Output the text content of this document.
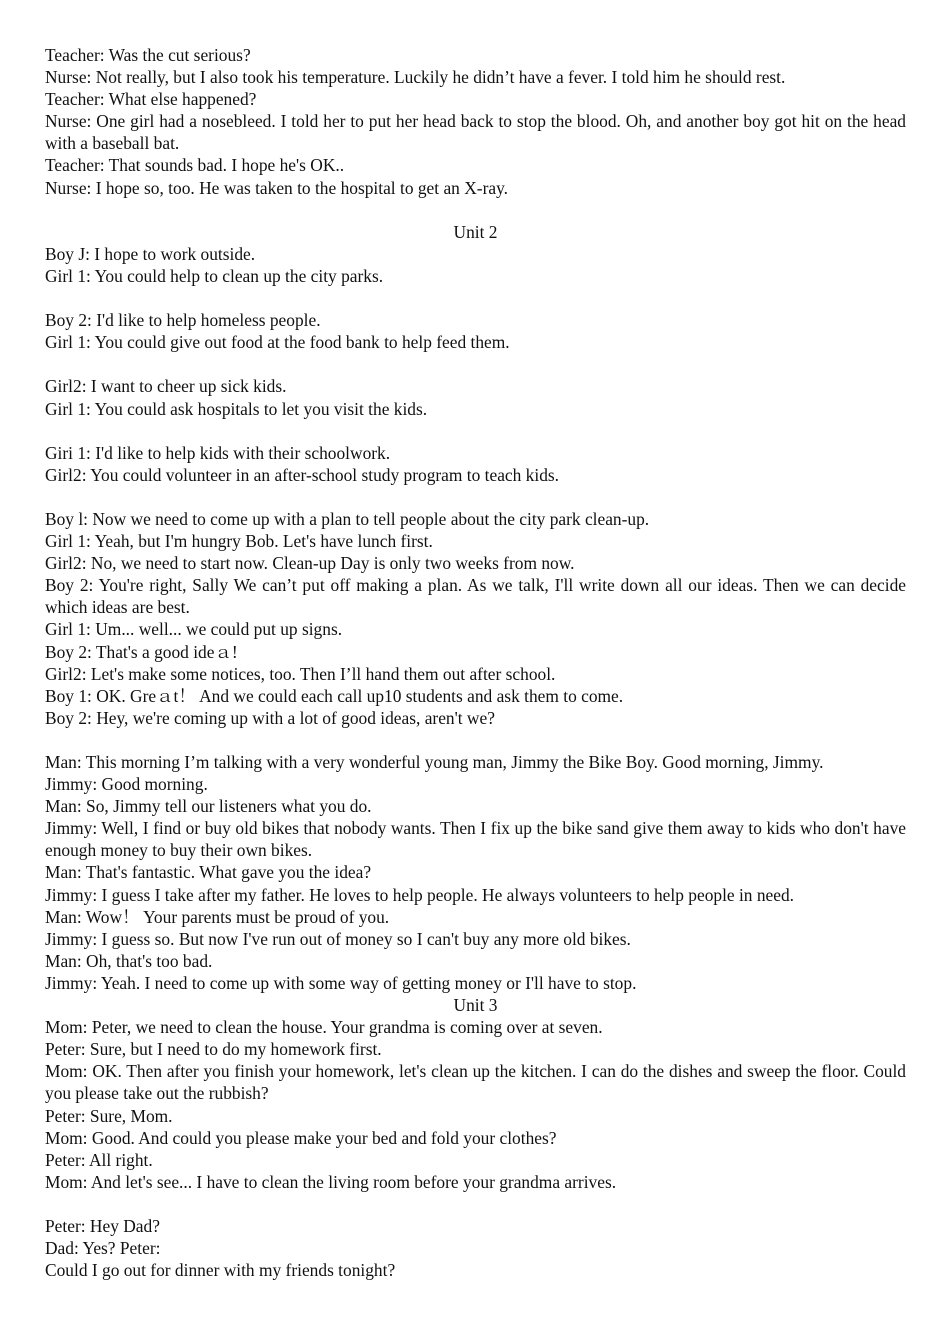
Teacher: Was the cut serious?
Nurse: Not really, but I also took his temperature. Luckily he didn’t have a fever. I told him he should rest.
Teacher: What else happened?
Nurse: One girl had a nosebleed. I told her to put her head back to stop the blood. Oh, and another boy got hit on the head with a baseball bat.
Teacher: That sounds bad. I hope he's OK..
Nurse: I hope so, too. He was taken to the hospital to get an X-ray.
Unit 2
Boy J: I hope to work outside.
Girl 1: You could help to clean up the city parks.
Boy 2: I'd like to help homeless people.
Girl 1: You could give out food at the food bank to help feed them.
Girl2: I want to cheer up sick kids.
Girl 1: You could ask hospitals to let you visit the kids.
Giri 1: I'd like to help kids with their schoolwork.
Girl2: You could volunteer in an after-school study program to teach kids.
Boy l: Now we need to come up with a plan to tell people about the city park clean-up.
Girl 1: Yeah, but I'm hungry Bob. Let's have lunch first.
Girl2: No, we need to start now. Clean-up Day is only two weeks from now.
Boy 2: You're right, Sally We can’t put off making a plan. As we talk, I'll write down all our ideas. Then we can decide which ideas are best.
Girl 1: Um... well... we could put up signs.
Boy 2: That's a good ideａ!
Girl2: Let's make some notices, too. Then I’ll hand them out after school.
Boy 1: OK. Greａt！ And we could each call up10 students and ask them to come.
Boy 2: Hey, we're coming up with a lot of good ideas, aren't we?
Man: This morning I’m talking with a very wonderful young man, Jimmy the Bike Boy. Good morning, Jimmy.
Jimmy: Good morning.
Man: So, Jimmy tell our listeners what you do.
Jimmy: Well, I find or buy old bikes that nobody wants. Then I fix up the bike sand give them away to kids who don't have enough money to buy their own bikes.
Man: That's fantastic. What gave you the idea?
Jimmy: I guess I take after my father. He loves to help people. He always volunteers to help people in need.
Man: Wow！ Your parents must be proud of you.
Jimmy: I guess so. But now I've run out of money so I can't buy any more old bikes.
Man: Oh, that's too bad.
Jimmy: Yeah. I need to come up with some way of getting money or I'll have to stop.
Unit 3
Mom: Peter, we need to clean the house. Your grandma is coming over at seven.
Peter: Sure, but I need to do my homework first.
Mom: OK. Then after you finish your homework, let's clean up the kitchen. I can do the dishes and sweep the floor. Could you please take out the rubbish?
Peter: Sure, Mom.
Mom: Good. And could you please make your bed and fold your clothes?
Peter: All right.
Mom: And let's see... I have to clean the living room before your grandma arrives.
Peter: Hey Dad?
Dad: Yes? Peter:
Could I go out for dinner with my friends tonight?
